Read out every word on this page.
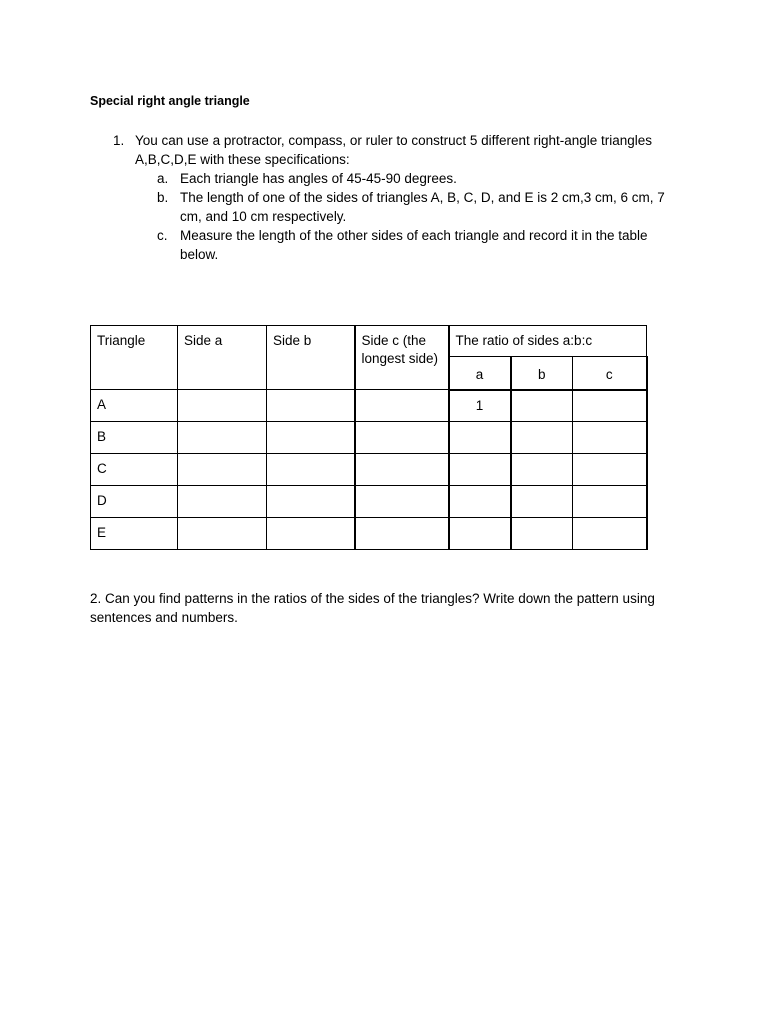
Special right angle triangle
1. You can use a protractor, compass, or ruler to construct 5 different right-angle triangles A,B,C,D,E with these specifications:
a. Each triangle has angles of 45-45-90 degrees.
b. The length of one of the sides of triangles A, B, C, D, and E is 2 cm,3 cm, 6 cm, 7 cm, and 10 cm respectively.
c. Measure the length of the other sides of each triangle and record it in the table below.
Triangle	Side a	Side b	Side c (the longest side)	The ratio of sides a:b:c		
				a	b	c
A				1		
B						
C						
D						
E						
2. Can you find patterns in the ratios of the sides of the triangles? Write down the pattern using sentences and numbers.
